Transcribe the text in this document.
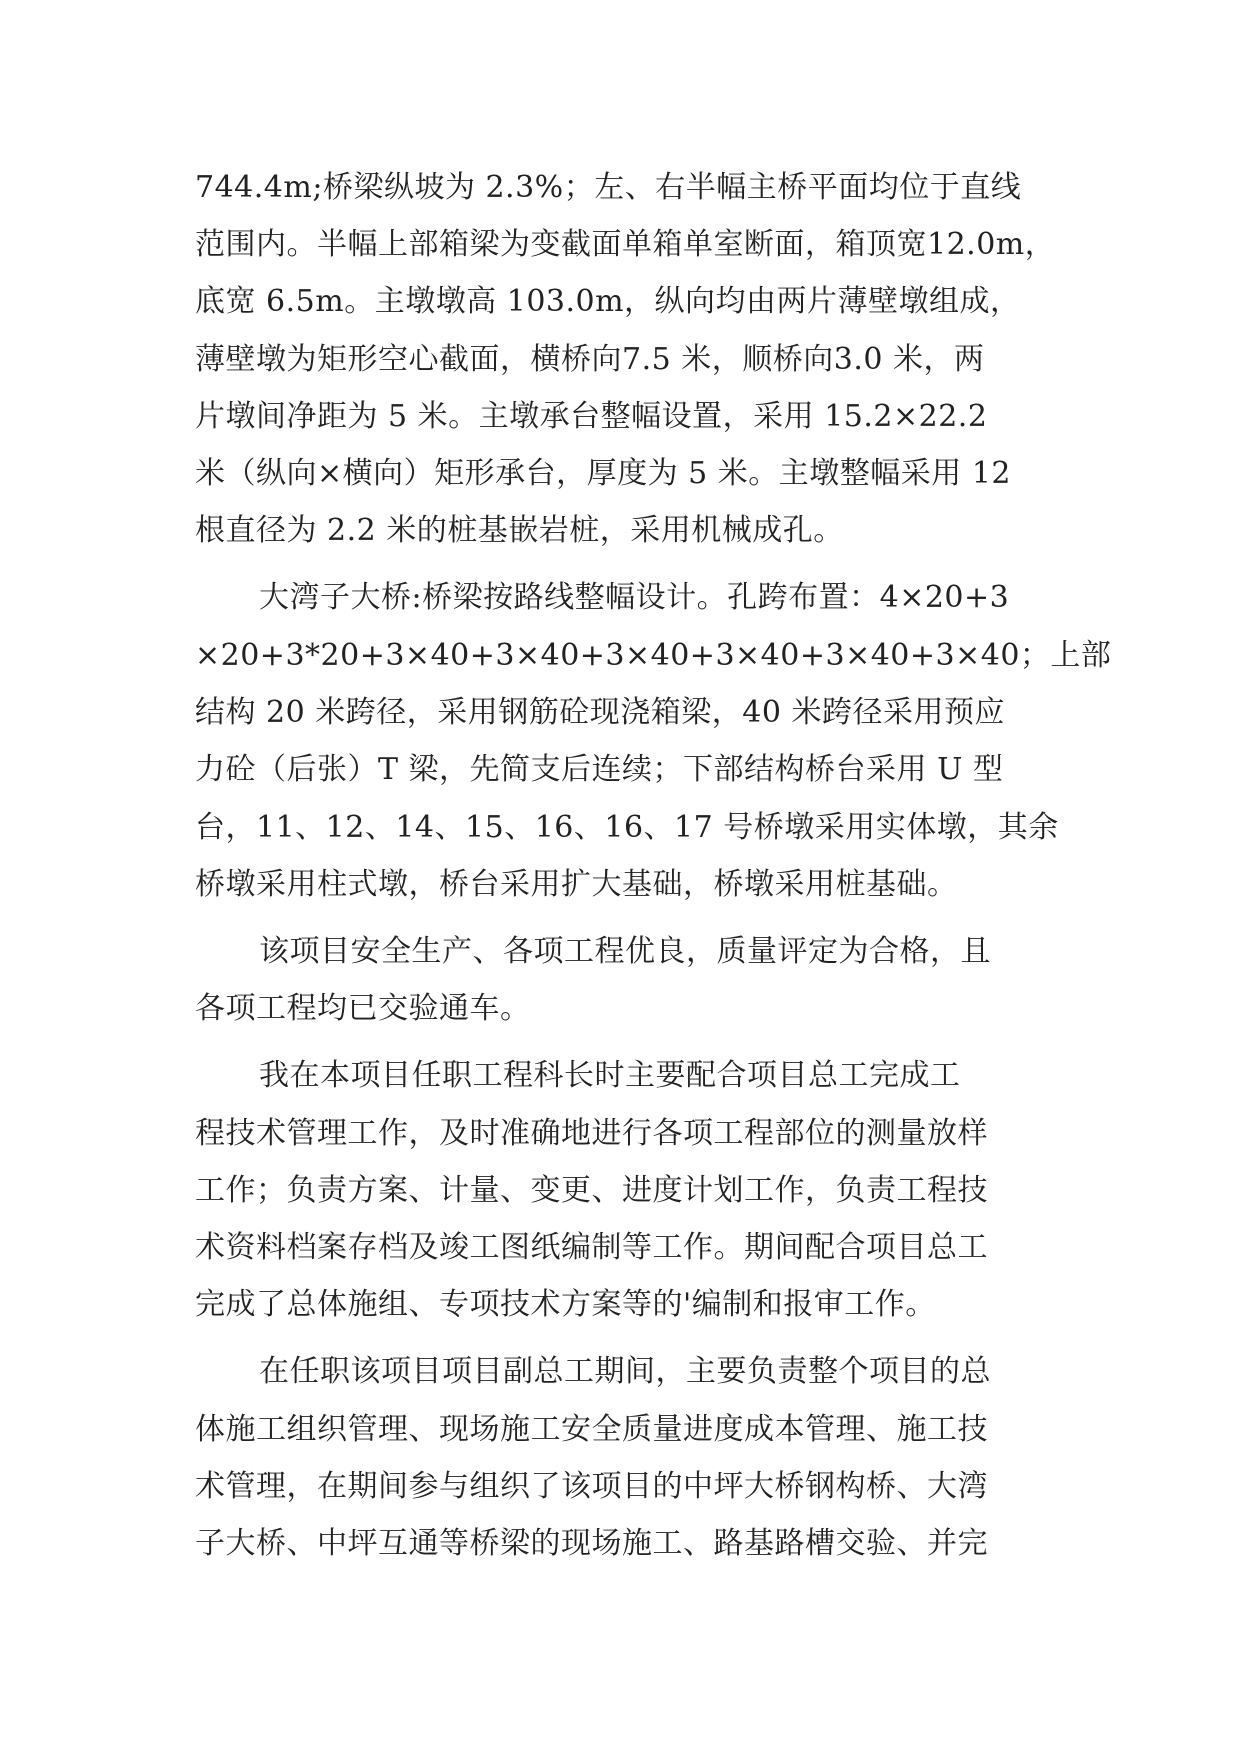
744.4m;桥梁纵坡为 2.3%；左、右半幅主桥平面均位于直线
范围内。半幅上部箱梁为变截面单箱单室断面，箱顶宽12.0m，
底宽 6.5m。主墩墩高 103.0m，纵向均由两片薄壁墩组成，
薄壁墩为矩形空心截面，横桥向7.5 米，顺桥向3.0 米，两
片墩间净距为 5 米。主墩承台整幅设置，采用 15.2×22.2
米（纵向×横向）矩形承台，厚度为 5 米。主墩整幅采用 12
根直径为 2.2 米的桩基嵌岩桩，采用机械成孔。
大湾子大桥:桥梁按路线整幅设计。孔跨布置：4×20+3
×20+3*20+3×40+3×40+3×40+3×40+3×40+3×40；上部
结构 20 米跨径，采用钢筋砼现浇箱梁，40 米跨径采用预应
力砼（后张）T 梁，先简支后连续；下部结构桥台采用 U 型
台，11、12、14、15、16、16、17 号桥墩采用实体墩，其余
桥墩采用柱式墩，桥台采用扩大基础，桥墩采用桩基础。
该项目安全生产、各项工程优良，质量评定为合格，且
各项工程均已交验通车。
我在本项目任职工程科长时主要配合项目总工完成工
程技术管理工作，及时准确地进行各项工程部位的测量放样
工作；负责方案、计量、变更、进度计划工作，负责工程技
术资料档案存档及竣工图纸编制等工作。期间配合项目总工
完成了总体施组、专项技术方案等的'编制和报审工作。
在任职该项目项目副总工期间，主要负责整个项目的总
体施工组织管理、现场施工安全质量进度成本管理、施工技
术管理，在期间参与组织了该项目的中坪大桥钢构桥、大湾
子大桥、中坪互通等桥梁的现场施工、路基路槽交验、并完
